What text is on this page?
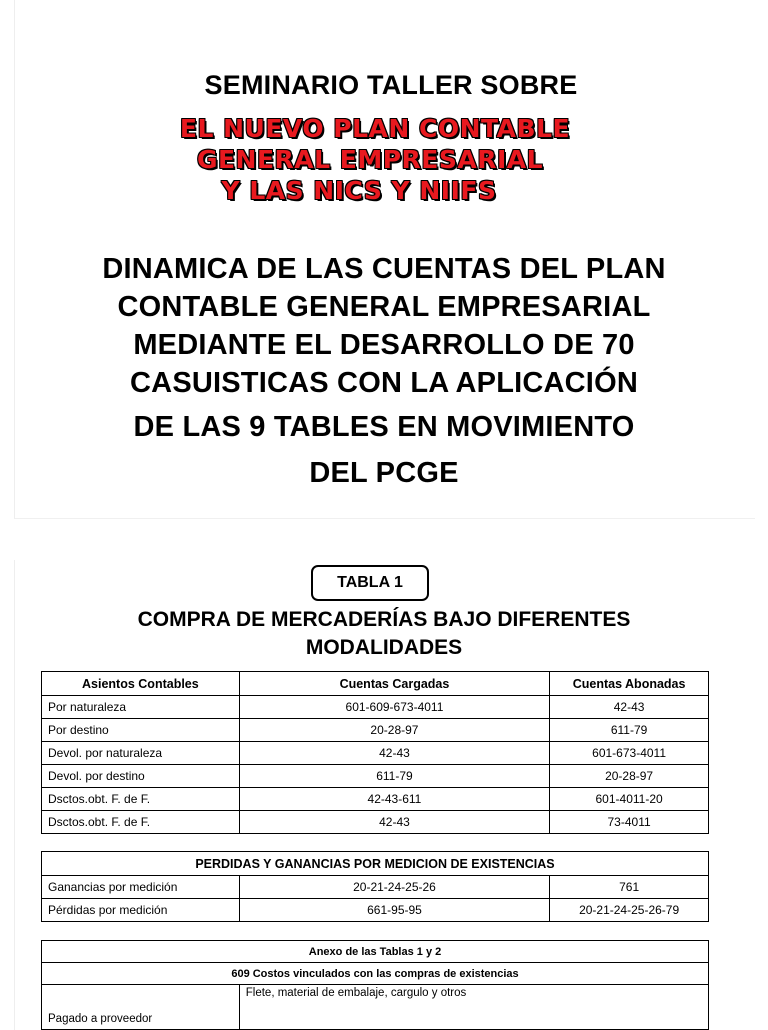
SEMINARIO TALLER SOBRE
EL NUEVO PLAN CONTABLE
GENERAL EMPRESARIAL
Y LAS NICS Y NIIFS
DINAMICA DE LAS CUENTAS DEL PLAN
CONTABLE GENERAL EMPRESARIAL
MEDIANTE EL DESARROLLO DE 70
CASUISTICAS CON LA APLICACIÓN
DE LAS 9 TABLES EN MOVIMIENTO
DEL PCGE
TABLA 1
COMPRA DE MERCADERÍAS BAJO DIFERENTES
MODALIDADES
Asientos Contables	Cuentas Cargadas	Cuentas Abonadas
Por naturaleza	601-609-673-4011	42-43
Por destino	20-28-97	611-79
Devol. por naturaleza	42-43	601-673-4011
Devol. por destino	611-79	20-28-97
Dsctos.obt. F. de F.	42-43-611	601-4011-20
Dsctos.obt. F. de F.	42-43	73-4011
PERDIDAS Y GANANCIAS POR MEDICION DE EXISTENCIAS		
Ganancias por medición	20-21-24-25-26	761
Pérdidas por medición	661-95-95	20-21-24-25-26-79
Anexo de las Tablas 1 y 2
609 Costos vinculados con las compras de existencias
Pagado a proveedor	Flete, material de embalaje, cargulo y otros
